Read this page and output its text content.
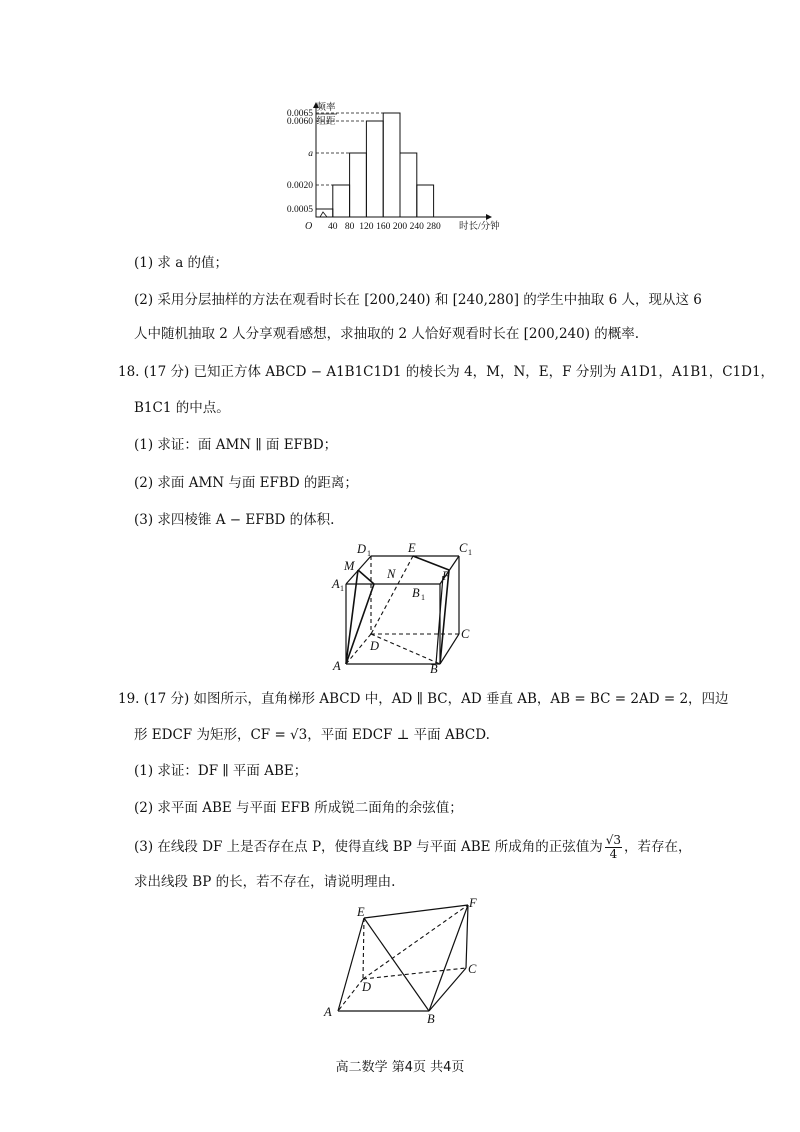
0.0065
0.0060
a
0.0020
0.0005
40 80 120 160 200 240 280
O	时长/分钟
频率
组距
(1) 求 a 的值；
(2) 采用分层抽样的方法在观看时长在 [200,240) 和 [240,280] 的学生中抽取 6 人，现从这 6
人中随机抽取 2 人分享观看感想，求抽取的 2 人恰好观看时长在 [200,240) 的概率.
18. (17 分) 已知正方体 ABCD − A1B1C1D1 的棱长为 4，M，N，E，F 分别为 A1D1，A1B1，C1D1，
B1C1 的中点。
(1) 求证：面 AMN ∥ 面 EFBD；
(2) 求面 AMN 与面 EFBD 的距离；
(3) 求四棱锥 A − EFBD 的体积.
D 1	E	C 1
M
N	F
A 1	B 1
C
D
A	B
19. (17 分) 如图所示，直角梯形 ABCD 中，AD ∥ BC，AD 垂直 AB，AB = BC = 2AD = 2，四边
形 EDCF 为矩形，CF = √3，平面 EDCF ⊥ 平面 ABCD.
(1) 求证：DF ∥ 平面 ABE；
(2) 求平面 ABE 与平面 EFB 所成锐二面角的余弦值；
(3) 在线段 DF 上是否存在点 P，使得直线 BP 与平面 ABE 所成角的正弦值为 $\frac{√3}{4}$ ，若存在，
求出线段 BP 的长，若不存在，请说明理由.
E
F
C
D
A	B
高二数学 第4页 共4页
